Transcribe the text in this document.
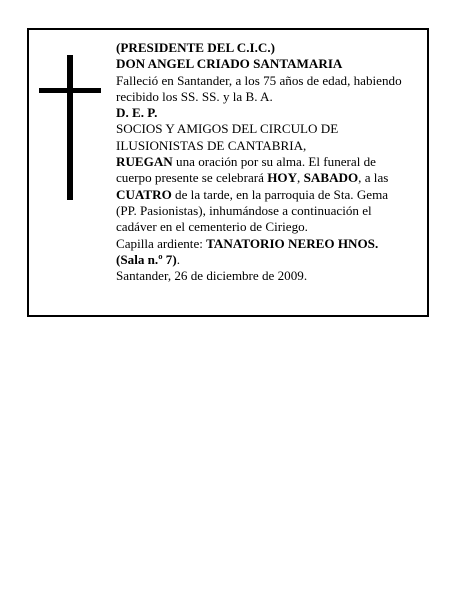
(PRESIDENTE DEL C.I.C.)
DON ANGEL CRIADO SANTAMARIA
Falleció en Santander, a los 75 años de edad, habiendo
recibido los SS. SS. y la B. A.
D. E. P.
SOCIOS Y AMIGOS DEL CIRCULO DE
ILUSIONISTAS DE CANTABRIA,
RUEGAN una oración por su alma. El funeral de
cuerpo presente se celebrará HOY, SABADO, a las
CUATRO de la tarde, en la parroquia de Sta. Gema
(PP. Pasionistas), inhumándose a continuación el
cadáver en el cementerio de Ciriego.
Capilla ardiente: TANATORIO NEREO HNOS.
(Sala n.º 7).
Santander, 26 de diciembre de 2009.
